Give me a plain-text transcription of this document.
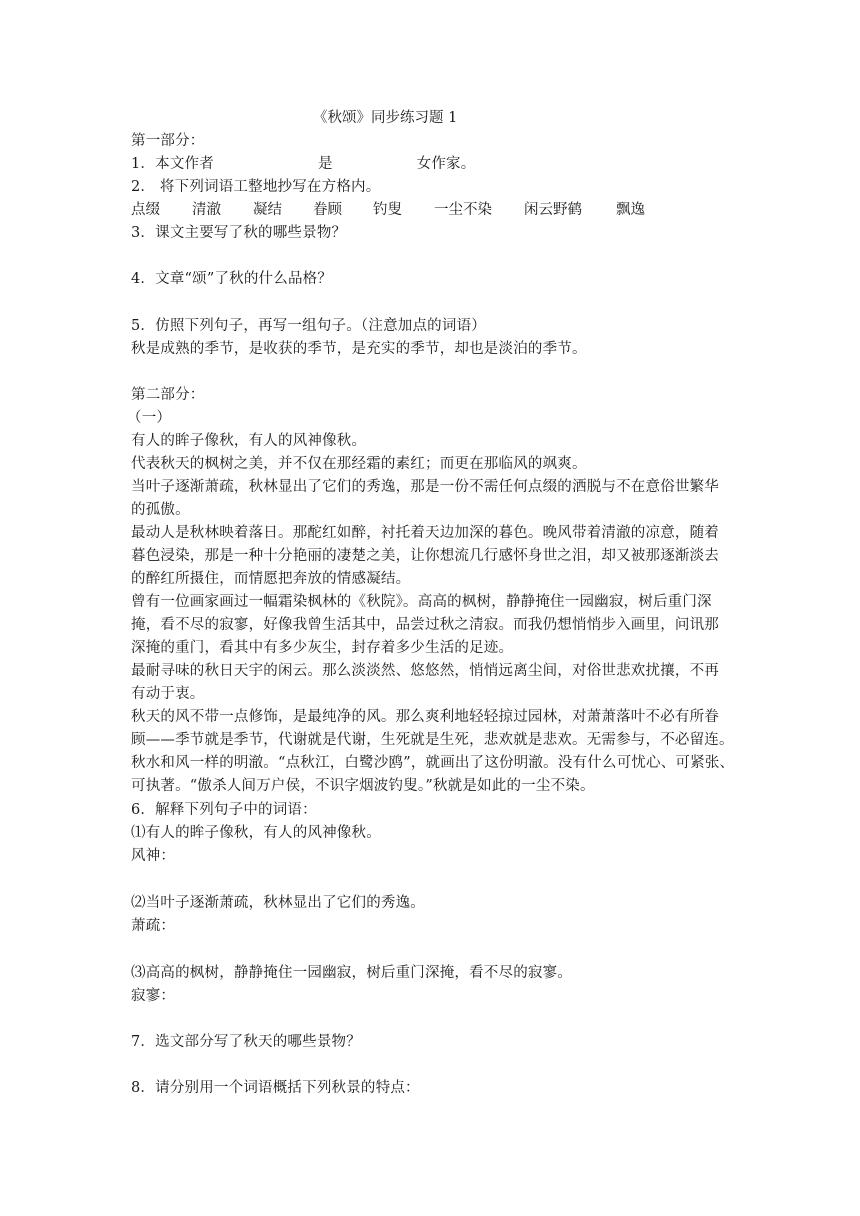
《秋颂》同步练习题 1
第一部分：
1．本文作者	是	女作家。
2． 将下列词语工整地抄写在方格内。
点缀 清澈 凝结 眷顾 钓叟 一尘不染 闲云野鹤 飘逸
3．课文主要写了秋的哪些景物？
4．文章“颂”了秋的什么品格？
5．仿照下列句子，再写一组句子。（注意加点的词语）
秋是成熟的季节，是收获的季节，是充实的季节，却也是淡泊的季节。
第二部分：
（一）
有人的眸子像秋，有人的风神像秋。
代表秋天的枫树之美，并不仅在那经霜的素红；而更在那临风的飒爽。
当叶子逐渐萧疏，秋林显出了它们的秀逸，那是一份不需任何点缀的洒脱与不在意俗世繁华
的孤傲。
最动人是秋林映着落日。那酡红如醉，衬托着天边加深的暮色。晚风带着清澈的凉意，随着
暮色浸染，那是一种十分艳丽的凄楚之美，让你想流几行感怀身世之泪，却又被那逐渐淡去
的醉红所摄住，而情愿把奔放的情感凝结。
曾有一位画家画过一幅霜染枫林的《秋院》。高高的枫树，静静掩住一园幽寂，树后重门深
掩，看不尽的寂寥，好像我曾生活其中，品尝过秋之清寂。而我仍想悄悄步入画里，问讯那
深掩的重门，看其中有多少灰尘，封存着多少生活的足迹。
最耐寻味的秋日天宇的闲云。那么淡淡然、悠悠然，悄悄远离尘间，对俗世悲欢扰攘，不再
有动于衷。
秋天的风不带一点修饰，是最纯净的风。那么爽利地轻轻掠过园林，对萧萧落叶不必有所眷
顾——季节就是季节，代谢就是代谢，生死就是生死，悲欢就是悲欢。无需参与，不必留连。
秋水和风一样的明澈。“点秋江，白鹭沙鸥”，就画出了这份明澈。没有什么可忧心、可紧张、
可执著。“傲杀人间万户侯，不识字烟波钓叟。”秋就是如此的一尘不染。
6．解释下列句子中的词语：
⑴有人的眸子像秋，有人的风神像秋。
风神：
⑵当叶子逐渐萧疏，秋林显出了它们的秀逸。
萧疏：
⑶高高的枫树，静静掩住一园幽寂，树后重门深掩，看不尽的寂寥。
寂寥：
7．选文部分写了秋天的哪些景物？
8．请分别用一个词语概括下列秋景的特点：
